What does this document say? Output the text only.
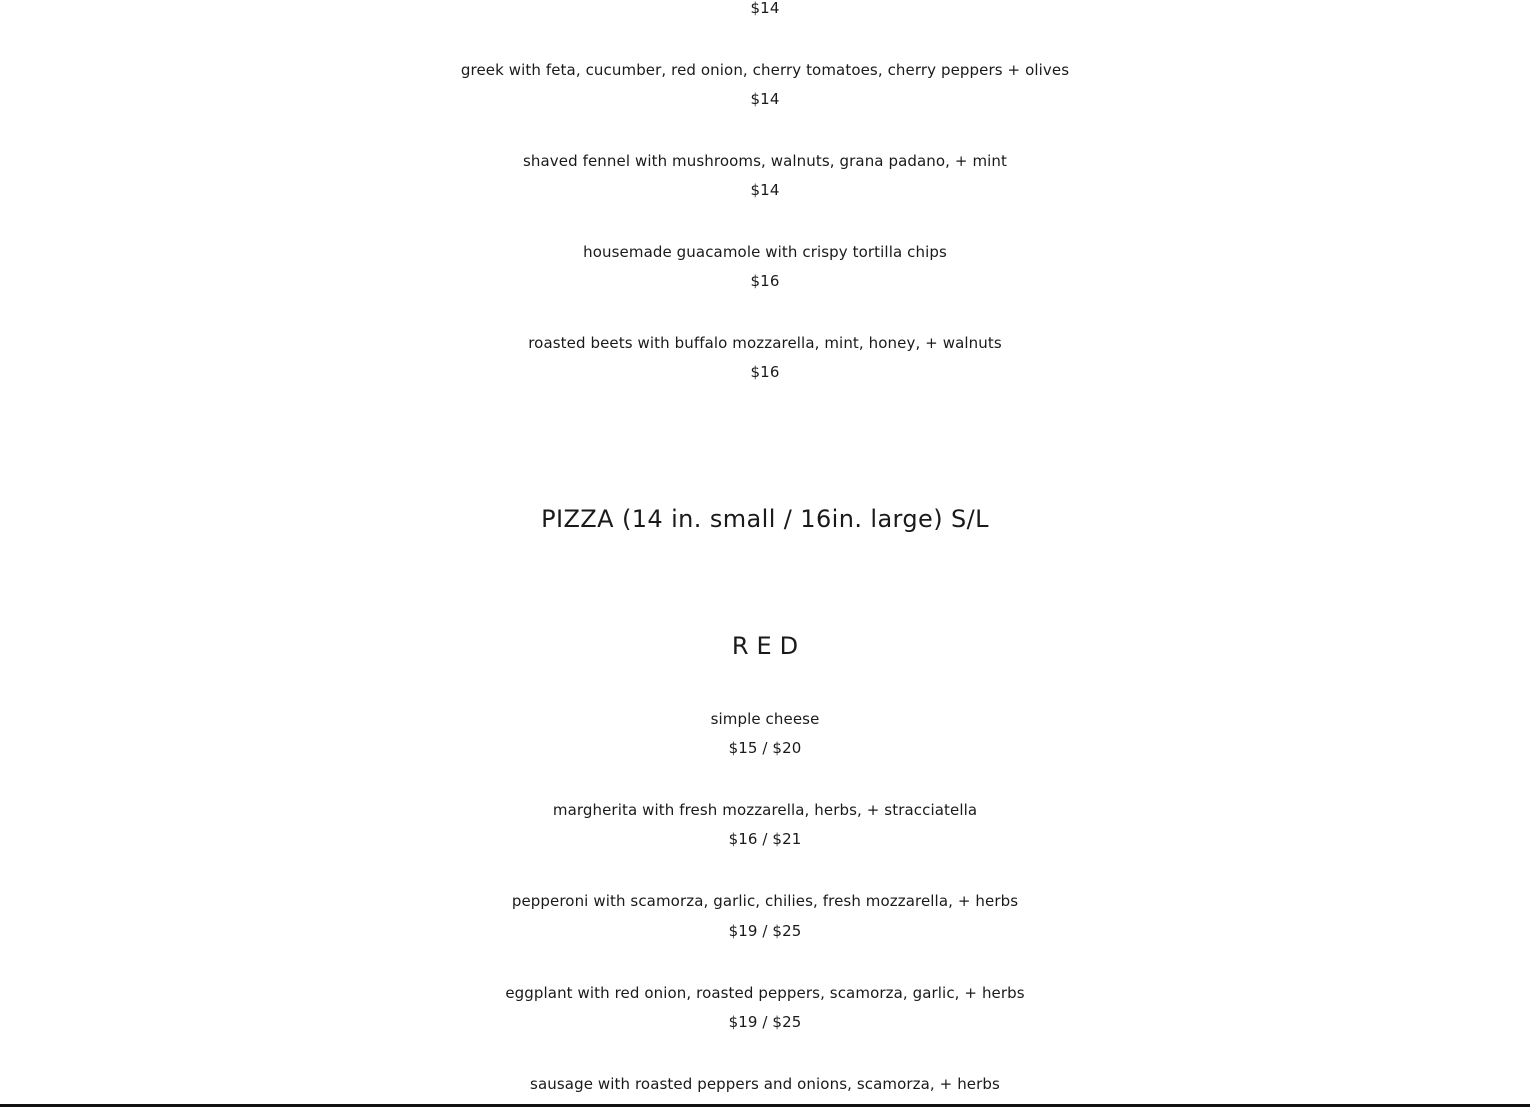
$14
greek with feta, cucumber, red onion, cherry tomatoes, cherry peppers + olives
$14
shaved fennel with mushrooms, walnuts, grana padano, + mint
$14
housemade guacamole with crispy tortilla chips
$16
roasted beets with buffalo mozzarella, mint, honey, + walnuts
$16
PIZZA (14 in. small / 16in. large) S/L
RED
simple cheese
$15 / $20
margherita with fresh mozzarella, herbs, + stracciatella
$16 / $21
pepperoni with scamorza, garlic, chilies, fresh mozzarella, + herbs
$19 / $25
eggplant with red onion, roasted peppers, scamorza, garlic, + herbs
$19 / $25
sausage with roasted peppers and onions, scamorza, + herbs
